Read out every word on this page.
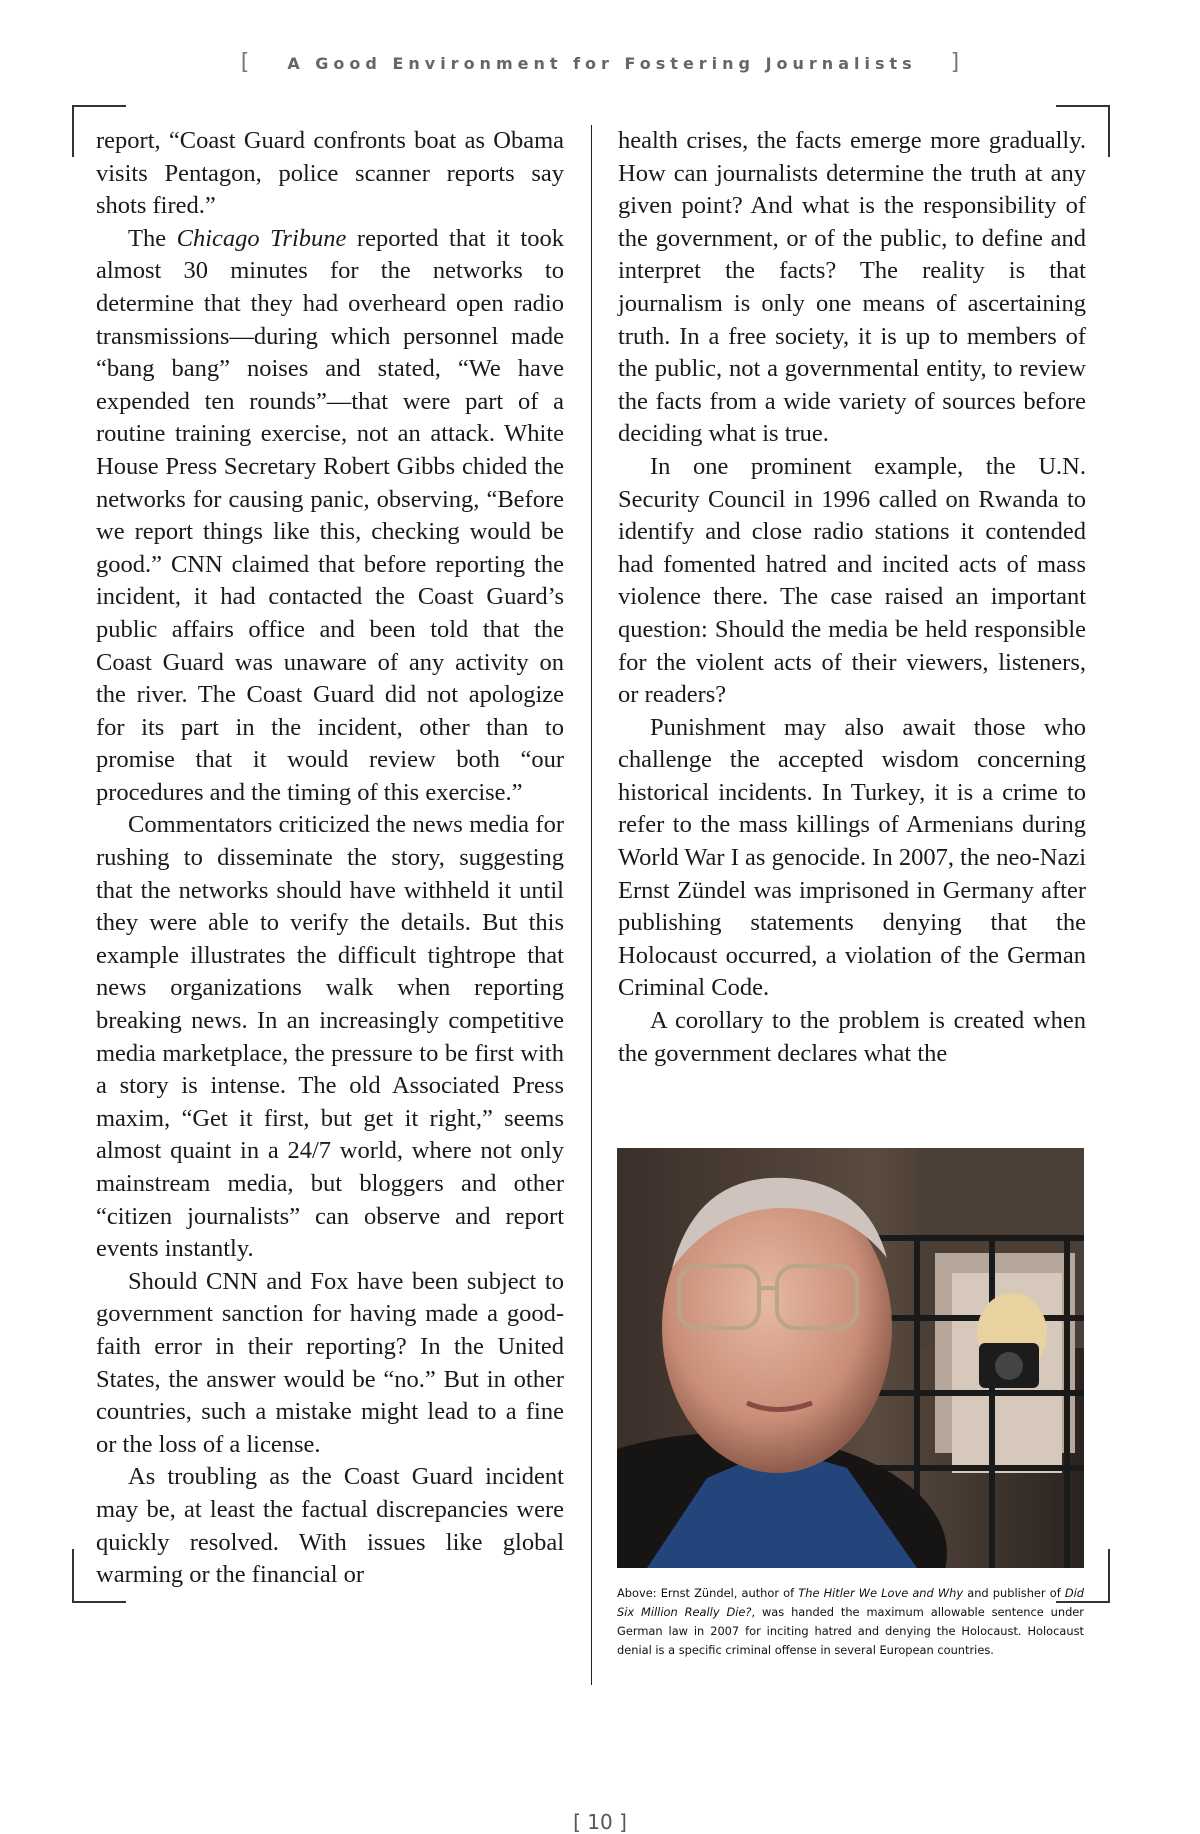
[ A Good Environment for Fostering Journalists ]

report, “Coast Guard confronts boat as Obama visits Pentagon, police scanner reports say shots fired.”

The Chicago Tribune reported that it took almost 30 minutes for the networks to determine that they had overheard open radio transmissions—during which personnel made “bang bang” noises and stated, “We have expended ten rounds”—that were part of a routine training exercise, not an attack. White House Press Secretary Robert Gibbs chided the networks for causing panic, observing, “Before we report things like this, checking would be good.” CNN claimed that before reporting the incident, it had contacted the Coast Guard’s public affairs office and been told that the Coast Guard was unaware of any activity on the river. The Coast Guard did not apologize for its part in the incident, other than to promise that it would review both “our procedures and the timing of this exercise.”

Commentators criticized the news media for rushing to disseminate the story, suggesting that the networks should have withheld it until they were able to verify the details. But this example illustrates the difficult tightrope that news organizations walk when reporting breaking news. In an increasingly competitive media marketplace, the pressure to be first with a story is intense. The old Associated Press maxim, “Get it first, but get it right,” seems almost quaint in a 24/7 world, where not only mainstream media, but bloggers and other “citizen journalists” can observe and report events instantly.

Should CNN and Fox have been subject to government sanction for having made a good-faith error in their reporting? In the United States, the answer would be “no.” But in other countries, such a mistake might lead to a fine or the loss of a license.

As troubling as the Coast Guard incident may be, at least the factual discrepancies were quickly resolved. With issues like global warming or the financial or

health crises, the facts emerge more gradually. How can journalists determine the truth at any given point? And what is the responsibility of the government, or of the public, to define and interpret the facts? The reality is that journalism is only one means of ascertaining truth. In a free society, it is up to members of the public, not a governmental entity, to review the facts from a wide variety of sources before deciding what is true.

In one prominent example, the U.N. Security Council in 1996 called on Rwanda to identify and close radio stations it contended had fomented hatred and incited acts of mass violence there. The case raised an important question: Should the media be held responsible for the violent acts of their viewers, listeners, or readers?

Punishment may also await those who challenge the accepted wisdom concerning historical incidents. In Turkey, it is a crime to refer to the mass killings of Armenians during World War I as genocide. In 2007, the neo-Nazi Ernst Zündel was imprisoned in Germany after publishing statements denying that the Holocaust occurred, a violation of the German Criminal Code.

A corollary to the problem is created when the government declares what the

Above: Ernst Zündel, author of The Hitler We Love and Why and publisher of Did Six Million Really Die?, was handed the maximum allowable sentence under German law in 2007 for inciting hatred and denying the Holocaust. Holocaust denial is a specific criminal offense in several European countries.
[ 10 ]
